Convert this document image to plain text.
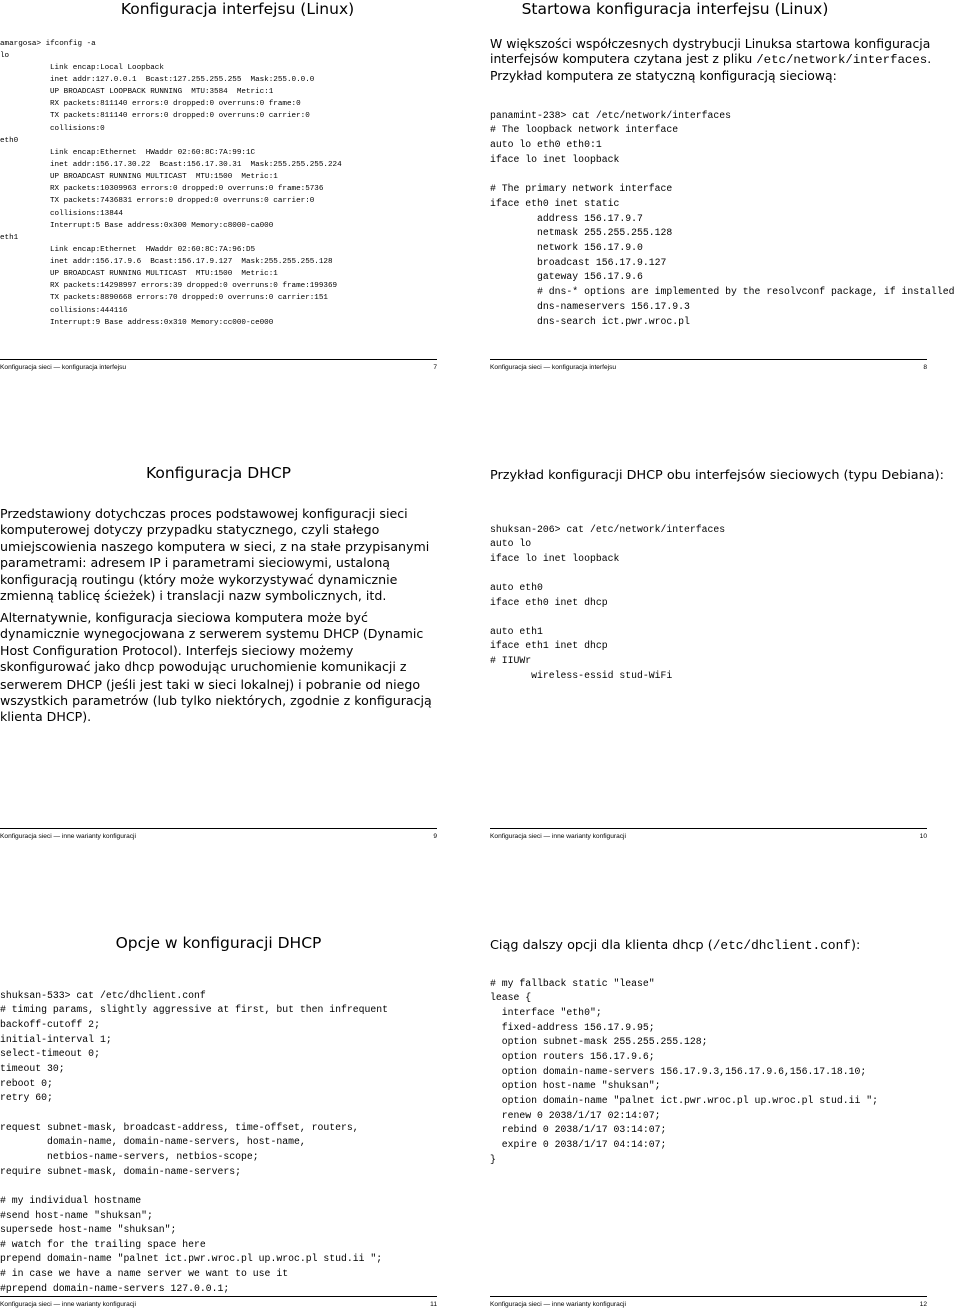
Konfiguracja interfejsu (Linux)
amargosa> ifconfig -a
lo

Link encap:Local Loopback
inet addr:127.0.0.1  Bcast:127.255.255.255  Mask:255.0.0.0
UP BROADCAST LOOPBACK RUNNING  MTU:3584  Metric:1
RX packets:811140 errors:0 dropped:0 overruns:0 frame:0
TX packets:811140 errors:0 dropped:0 overruns:0 carrier:0
collisions:0
eth0

Link encap:Ethernet  HWaddr 02:60:8C:7A:99:1C
inet addr:156.17.30.22  Bcast:156.17.30.31  Mask:255.255.255.224
UP BROADCAST RUNNING MULTICAST  MTU:1500  Metric:1
RX packets:10309963 errors:0 dropped:0 overruns:0 frame:5736
TX packets:7436831 errors:0 dropped:0 overruns:0 carrier:0
collisions:13844
Interrupt:5 Base address:0x300 Memory:c8000-ca000
eth1

Link encap:Ethernet  HWaddr 02:60:8C:7A:96:D5
inet addr:156.17.9.6  Bcast:156.17.9.127  Mask:255.255.255.128
UP BROADCAST RUNNING MULTICAST  MTU:1500  Metric:1
RX packets:14298997 errors:39 dropped:0 overruns:0 frame:199369
TX packets:8890668 errors:70 dropped:0 overruns:0 carrier:151
collisions:444116
Interrupt:9 Base address:0x310 Memory:cc000-ce000
Konfiguracja sieci — konfiguracja interfejsu	7
Startowa konfiguracja interfejsu (Linux)
W większości współczesnych dystrybucji Linuksa startowa konfiguracja
interfejsów komputera czytana jest z pliku /etc/network/interfaces.
Przykład komputera ze statyczną konfiguracją sieciową:

panamint-238> cat /etc/network/interfaces
# The loopback network interface
auto lo eth0 eth0:1
iface lo inet loopback

# The primary network interface
iface eth0 inet static
address 156.17.9.7
netmask 255.255.255.128
network 156.17.9.0
broadcast 156.17.9.127
gateway 156.17.9.6
# dns-* options are implemented by the resolvconf package, if installed
dns-nameservers 156.17.9.3
dns-search ict.pwr.wroc.pl
Konfiguracja sieci — konfiguracja interfejsu	8
Konfiguracja DHCP
Przedstawiony dotychczas proces podstawowej konfiguracji sieci komputerowej dotyczy przypadku statycznego, czyli stałego umiejscowienia naszego komputera w sieci, z na stałe przypisanymi parametrami: adresem IP i parametrami sieciowymi, ustaloną konfiguracją routingu (który może wykorzystywać dynamicznie zmienną tablicę ścieżek) i translacji nazw symbolicznych, itd.
Alternatywnie, konfiguracja sieciowa komputera może być dynamicznie wynegocjowana z serwerem systemu DHCP (Dynamic Host Configuration Protocol). Interfejs sieciowy możemy skonfigurować jako dhcp powodując uruchomienie komunikacji z serwerem DHCP (jeśli jest taki w sieci lokalnej) i pobranie od niego wszystkich parametrów (lub tylko niektórych, zgodnie z konfiguracją klienta DHCP).
Konfiguracja sieci — inne warianty konfiguracji	9
Przykład konfiguracji DHCP obu interfejsów sieciowych (typu Debiana):

shuksan-206> cat /etc/network/interfaces
auto lo
iface lo inet loopback

auto eth0
iface eth0 inet dhcp

auto eth1
iface eth1 inet dhcp
# IIUWr
wireless-essid stud-WiFi
Konfiguracja sieci — inne warianty konfiguracji	10
Opcje w konfiguracji DHCP

shuksan-533> cat /etc/dhclient.conf
# timing params, slightly aggressive at first, but then infrequent
backoff-cutoff 2;
initial-interval 1;
select-timeout 0;
timeout 30;
reboot 0;
retry 60;

request subnet-mask, broadcast-address, time-offset, routers,
domain-name, domain-name-servers, host-name,
netbios-name-servers, netbios-scope;
require subnet-mask, domain-name-servers;

# my individual hostname
#send host-name "shuksan";
supersede host-name "shuksan";
# watch for the trailing space here
prepend domain-name "palnet ict.pwr.wroc.pl up.wroc.pl stud.ii ";
# in case we have a name server we want to use it
#prepend domain-name-servers 127.0.0.1;
Konfiguracja sieci — inne warianty konfiguracji	11
Ciąg dalszy opcji dla klienta dhcp (/etc/dhclient.conf):

# my fallback static "lease"
lease {
interface "eth0";
fixed-address 156.17.9.95;
option subnet-mask 255.255.255.128;
option routers 156.17.9.6;
option domain-name-servers 156.17.9.3,156.17.9.6,156.17.18.10;
option host-name "shuksan";
option domain-name "palnet ict.pwr.wroc.pl up.wroc.pl stud.ii ";
renew 0 2038/1/17 02:14:07;
rebind 0 2038/1/17 03:14:07;
expire 0 2038/1/17 04:14:07;
}
Konfiguracja sieci — inne warianty konfiguracji	12
